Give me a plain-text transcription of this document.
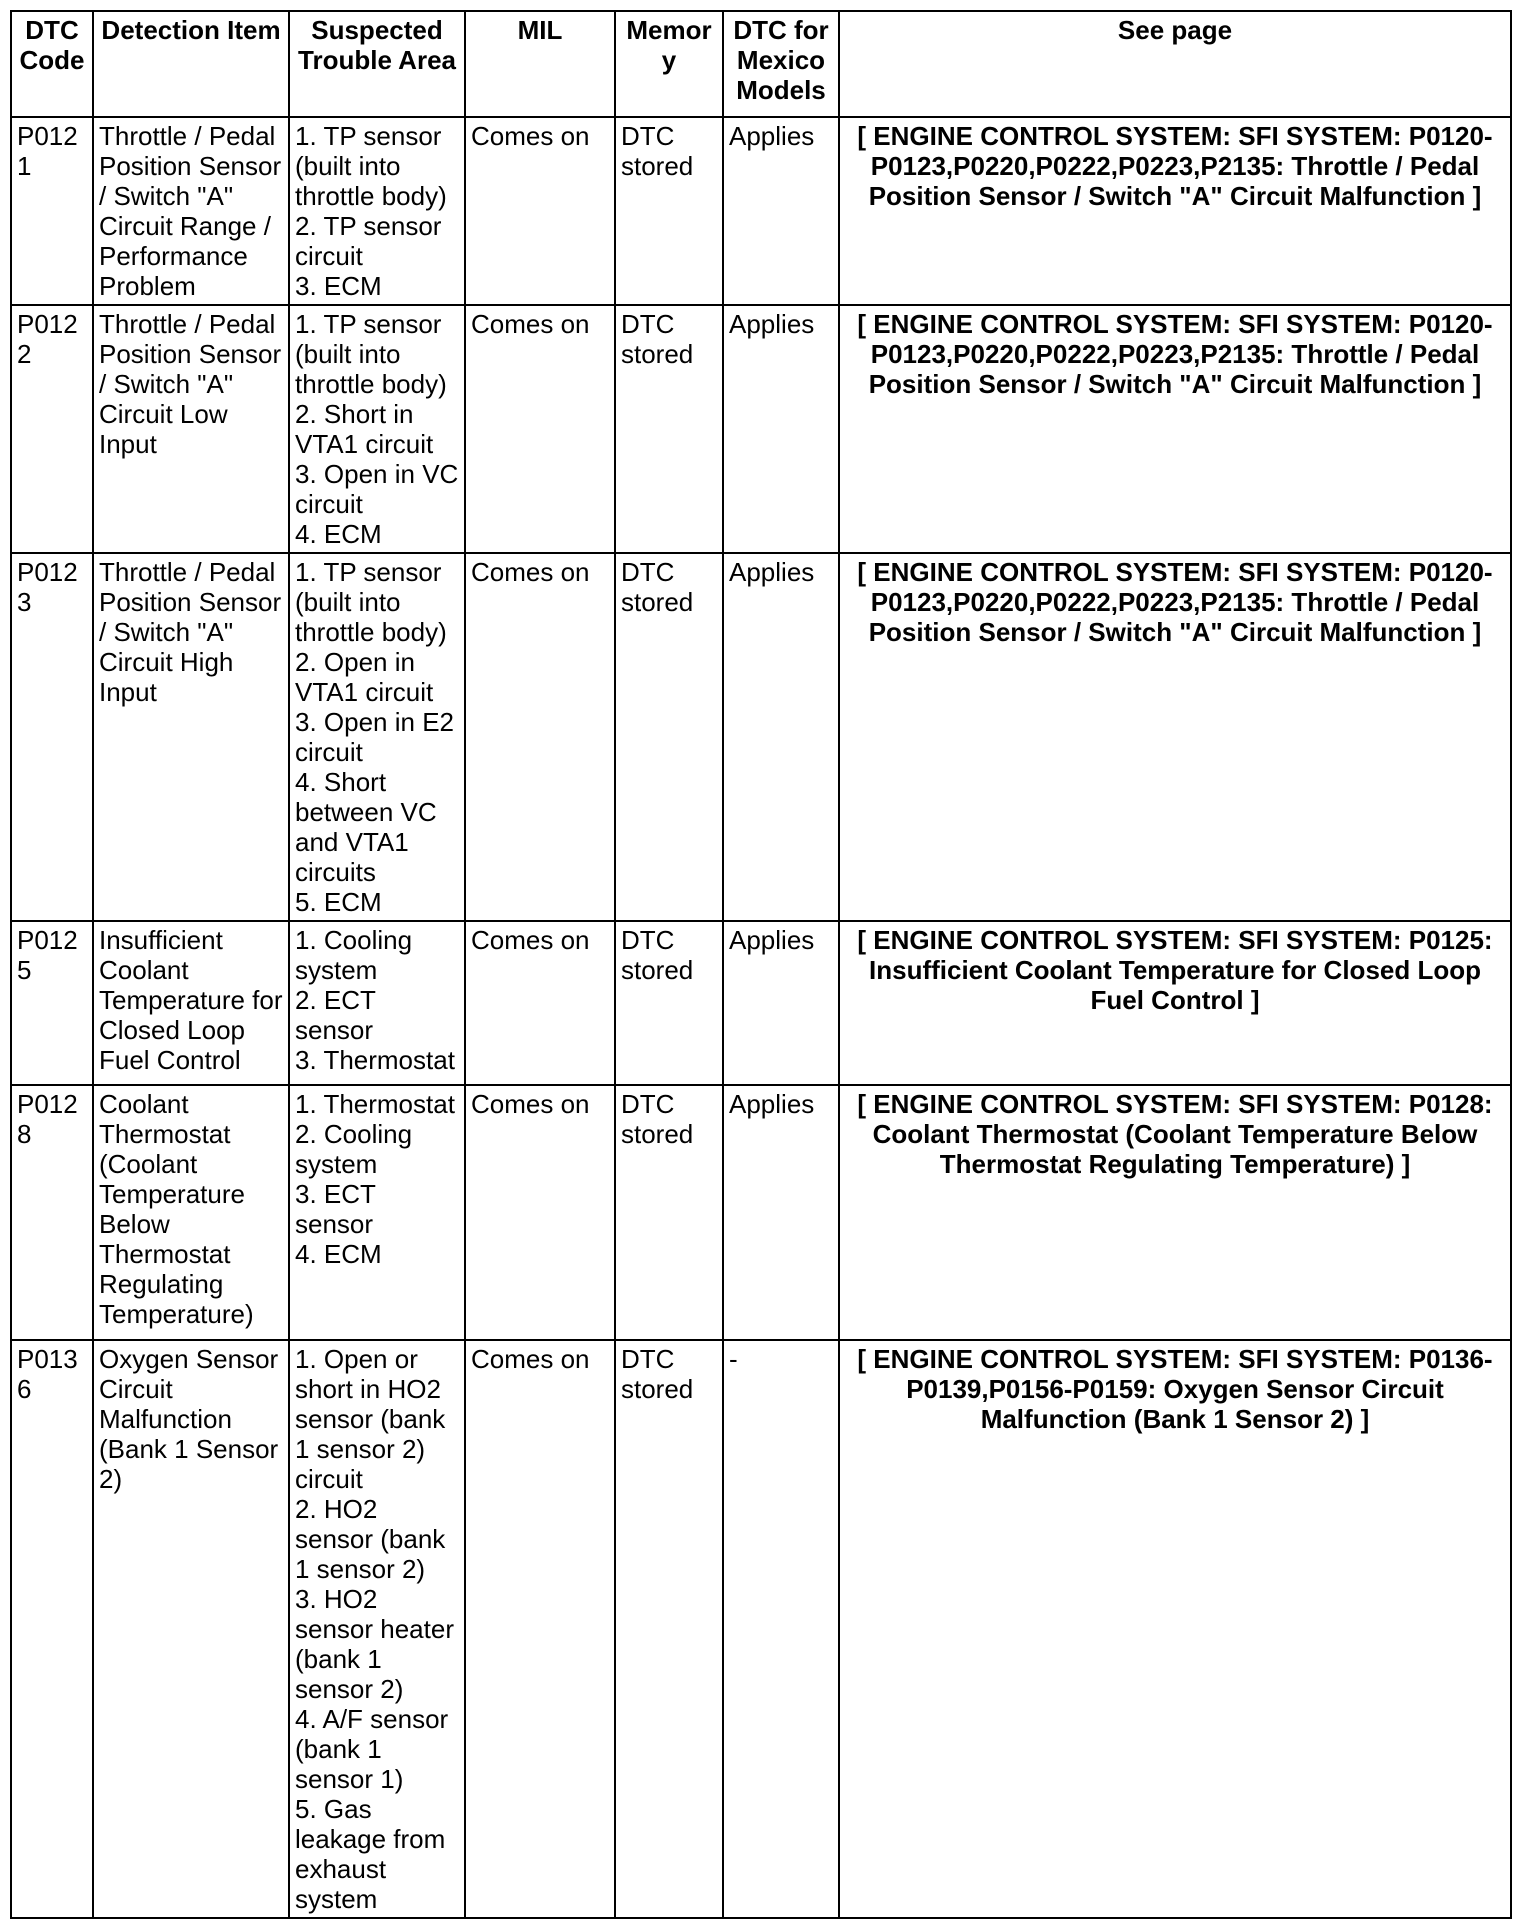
DTC Code	Detection Item	Suspected Trouble Area	MIL	Memory	DTC for Mexico Models	See page
P0121	Throttle / Pedal Position Sensor / Switch "A" Circuit Range / Performance Problem	1. TP sensor (built into throttle body)
2. TP sensor circuit
3. ECM	Comes on	DTC stored	Applies	[ ENGINE CONTROL SYSTEM: SFI SYSTEM: P0120-P0123,P0220,P0222,P0223,P2135: Throttle / Pedal Position Sensor / Switch "A" Circuit Malfunction ]
P0122	Throttle / Pedal Position Sensor / Switch "A" Circuit Low Input	1. TP sensor (built into throttle body)
2. Short in VTA1 circuit
3. Open in VC circuit
4. ECM	Comes on	DTC stored	Applies	[ ENGINE CONTROL SYSTEM: SFI SYSTEM: P0120-P0123,P0220,P0222,P0223,P2135: Throttle / Pedal Position Sensor / Switch "A" Circuit Malfunction ]
P0123	Throttle / Pedal Position Sensor / Switch "A" Circuit High Input	1. TP sensor (built into throttle body)
2. Open in VTA1 circuit
3. Open in E2 circuit
4. Short between VC and VTA1 circuits
5. ECM	Comes on	DTC stored	Applies	[ ENGINE CONTROL SYSTEM: SFI SYSTEM: P0120-P0123,P0220,P0222,P0223,P2135: Throttle / Pedal Position Sensor / Switch "A" Circuit Malfunction ]
P0125	Insufficient Coolant Temperature for Closed Loop Fuel Control	1. Cooling system
2. ECT sensor
3. Thermostat	Comes on	DTC stored	Applies	[ ENGINE CONTROL SYSTEM: SFI SYSTEM: P0125: Insufficient Coolant Temperature for Closed Loop Fuel Control ]
P0128	Coolant Thermostat (Coolant Temperature Below Thermostat Regulating Temperature)	1. Thermostat
2. Cooling system
3. ECT sensor
4. ECM	Comes on	DTC stored	Applies	[ ENGINE CONTROL SYSTEM: SFI SYSTEM: P0128: Coolant Thermostat (Coolant Temperature Below Thermostat Regulating Temperature) ]
P0136	Oxygen Sensor Circuit Malfunction (Bank 1 Sensor 2)	1. Open or short in HO2 sensor (bank 1 sensor 2) circuit
2. HO2 sensor (bank 1 sensor 2)
3. HO2 sensor heater (bank 1 sensor 2)
4. A/F sensor (bank 1 sensor 1)
5. Gas leakage from exhaust system	Comes on	DTC stored	-	[ ENGINE CONTROL SYSTEM: SFI SYSTEM: P0136-P0139,P0156-P0159: Oxygen Sensor Circuit Malfunction (Bank 1 Sensor 2) ]
